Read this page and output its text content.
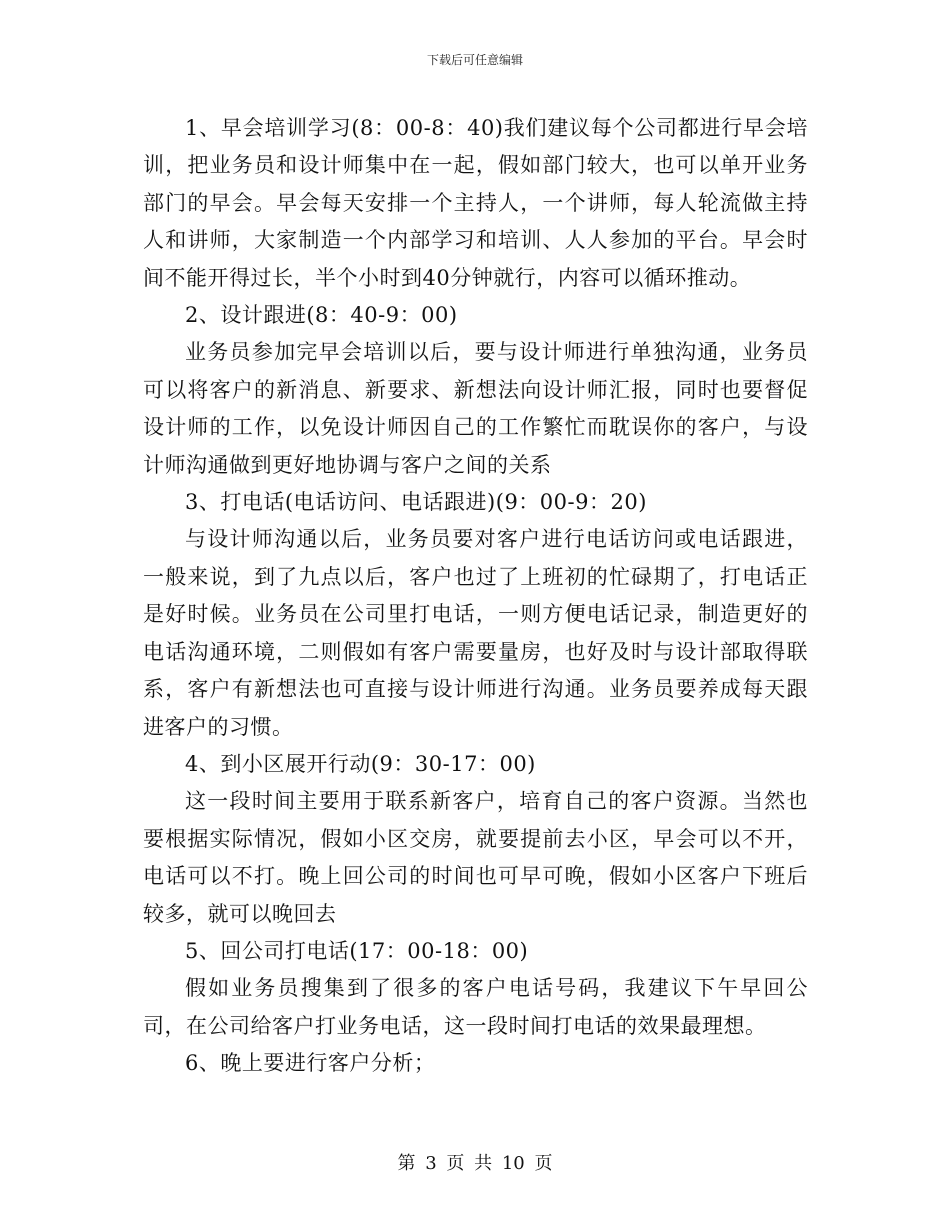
下载后可任意编辑

1、早会培训学习(8：00-8：40)我们建议每个公司都进行早会培训，把业务员和设计师集中在一起，假如部门较大，也可以单开业务部门的早会。早会每天安排一个主持人，一个讲师，每人轮流做主持人和讲师，大家制造一个内部学习和培训、人人参加的平台。早会时间不能开得过长，半个小时到40分钟就行，内容可以循环推动。

2、设计跟进(8：40-9：00)

业务员参加完早会培训以后，要与设计师进行单独沟通，业务员可以将客户的新消息、新要求、新想法向设计师汇报，同时也要督促设计师的工作，以免设计师因自己的工作繁忙而耽误你的客户，与设计师沟通做到更好地协调与客户之间的关系

3、打电话(电话访问、电话跟进)(9：00-9：20)

与设计师沟通以后，业务员要对客户进行电话访问或电话跟进，一般来说，到了九点以后，客户也过了上班初的忙碌期了，打电话正是好时候。业务员在公司里打电话，一则方便电话记录，制造更好的电话沟通环境，二则假如有客户需要量房，也好及时与设计部取得联系，客户有新想法也可直接与设计师进行沟通。业务员要养成每天跟进客户的习惯。

4、到小区展开行动(9：30-17：00)

这一段时间主要用于联系新客户，培育自己的客户资源。当然也要根据实际情况，假如小区交房，就要提前去小区，早会可以不开，电话可以不打。晚上回公司的时间也可早可晚，假如小区客户下班后较多，就可以晚回去

5、回公司打电话(17：00-18：00)

假如业务员搜集到了很多的客户电话号码，我建议下午早回公司，在公司给客户打业务电话，这一段时间打电话的效果最理想。

6、晚上要进行客户分析；

第 3 页 共 10 页
